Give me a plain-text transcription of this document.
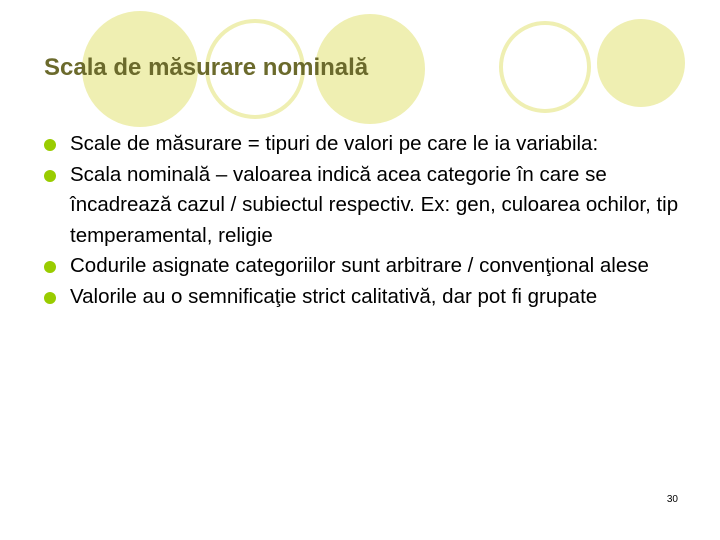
Scala de măsurare nominală
Scale de măsurare = tipuri de valori pe care le ia variabila:
Scala nominală – valoarea indică acea categorie în care se încadrează cazul / subiectul respectiv. Ex: gen, culoarea ochilor, tip temperamental, religie
Codurile asignate categoriilor sunt arbitrare / convenţional alese
Valorile au o semnificaţie strict calitativă, dar pot fi grupate
30
